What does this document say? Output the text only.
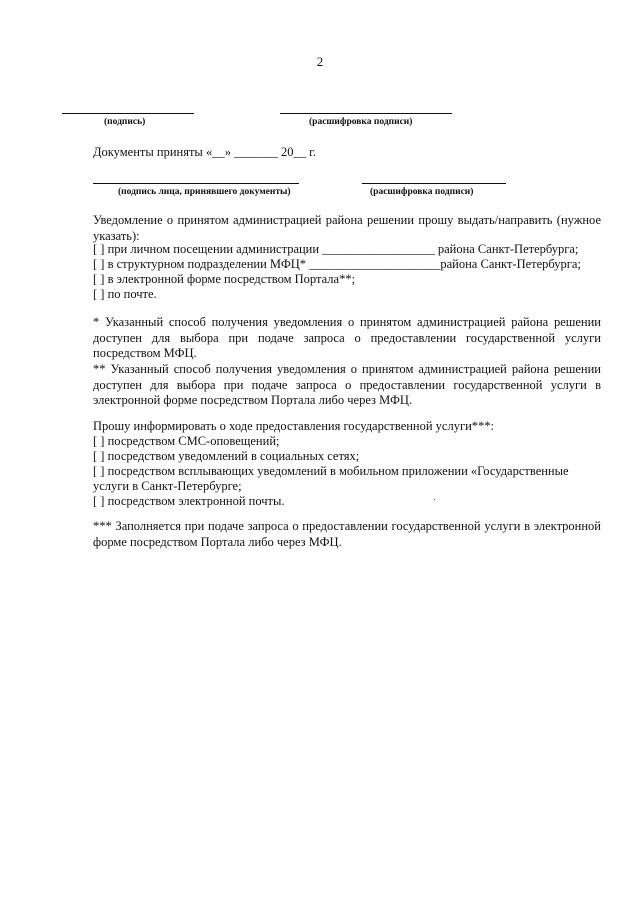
2
(подпись)	(расшифровка подписи)
Документы приняты «__» _______ 20__ г.
(подпись лица, принявшего документы)	(расшифровка подписи)
Уведомление о принятом администрацией района решении прошу выдать/направить (нужное указать):
[ ] при личном посещении администрации __________________ района Санкт-Петербурга;
[ ] в структурном подразделении МФЦ* _____________________района Санкт-Петербурга;
[ ] в электронной форме посредством Портала**;
[ ] по почте.
* Указанный способ получения уведомления о принятом администрацией района решении доступен для выбора при подаче запроса о предоставлении государственной услуги посредством МФЦ.
** Указанный способ получения уведомления о принятом администрацией района решении доступен для выбора при подаче запроса о предоставлении государственной услуги в электронной форме посредством Портала либо через МФЦ.
Прошу информировать о ходе предоставления государственной услуги***:
[ ] посредством СМС-оповещений;
[ ] посредством уведомлений в социальных сетях;
[ ] посредством всплывающих уведомлений в мобильном приложении «Государственные
услуги в Санкт-Петербурге;
[ ] посредством электронной почты.
*** Заполняется при подаче запроса о предоставлении государственной услуги в электронной форме посредством Портала либо через МФЦ.
